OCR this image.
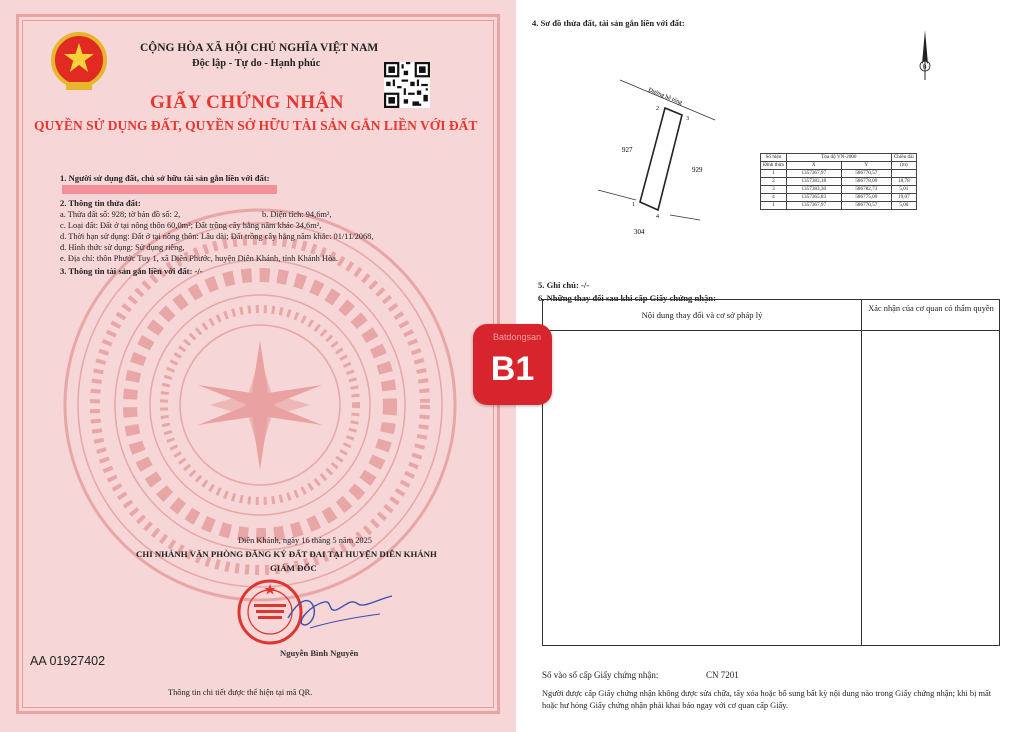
CỘNG HÒA XÃ HỘI CHỦ NGHĨA VIỆT NAM
Độc lập - Tự do - Hạnh phúc
GIẤY CHỨNG NHẬN
QUYỀN SỬ DỤNG ĐẤT, QUYỀN SỞ HỮU TÀI SẢN GẮN LIỀN VỚI ĐẤT
1. Người sử dụng đất, chủ sở hữu tài sản gắn liền với đất:
2. Thông tin thửa đất:
a. Thửa đất số: 928; tờ bản đồ số: 2,	b. Diện tích: 94,6m²,
c. Loại đất: Đất ở tại nông thôn 60,0m²; Đất trồng cây hằng năm khác 34,6m²,
d. Thời hạn sử dụng: Đất ở tại nông thôn: Lâu dài; Đất trồng cây hằng năm khác: 01/11/2068,
đ. Hình thức sử dụng: Sử dụng riêng,
e. Địa chỉ: thôn Phước Tuy 1, xã Diên Phước, huyện Diên Khánh, tỉnh Khánh Hòa.
3. Thông tin tài sản gắn liền với đất: -/-
Diên Khánh, ngày 16 tháng 5 năm 2025
CHI NHÁNH VĂN PHÒNG ĐĂNG KÝ ĐẤT ĐAI TẠI HUYỆN DIÊN KHÁNH
GIÁM ĐỐC
Nguyễn Bình Nguyên
AA 01927402
Thông tin chi tiết được thể hiện tại mã QR.
4. Sơ đồ thửa đất, tài sản gắn liền với đất:
Đường bê tông
2
3
1
4
927
929
304
B
Số hiệu	Tọa độ VN-2000		Chiều dài
Đỉnh thửa	X	Y	(m)
1	1357367,97	586770,57	
2	1357383,18	586778,09	18,78
3	1357383,30	586782,73	5,01
4	1357365,83	586775,09	19,07
1	1357367,97	586770,57	5,00
5. Ghi chú: -/-
6. Những thay đổi sau khi cấp Giấy chứng nhận:
Nội dung thay đổi và cơ sở pháp lý
Xác nhận của cơ quan có thẩm quyền
Số vào sổ cấp Giấy chứng nhận:	CN 7201
Người được cấp Giấy chứng nhận không được sửa chữa, tẩy xóa hoặc bổ sung bất kỳ nội dung nào trong Giấy chứng nhận; khi bị mất hoặc hư hỏng Giấy chứng nhận phải khai báo ngay với cơ quan cấp Giấy.
Batdongsan
B1
